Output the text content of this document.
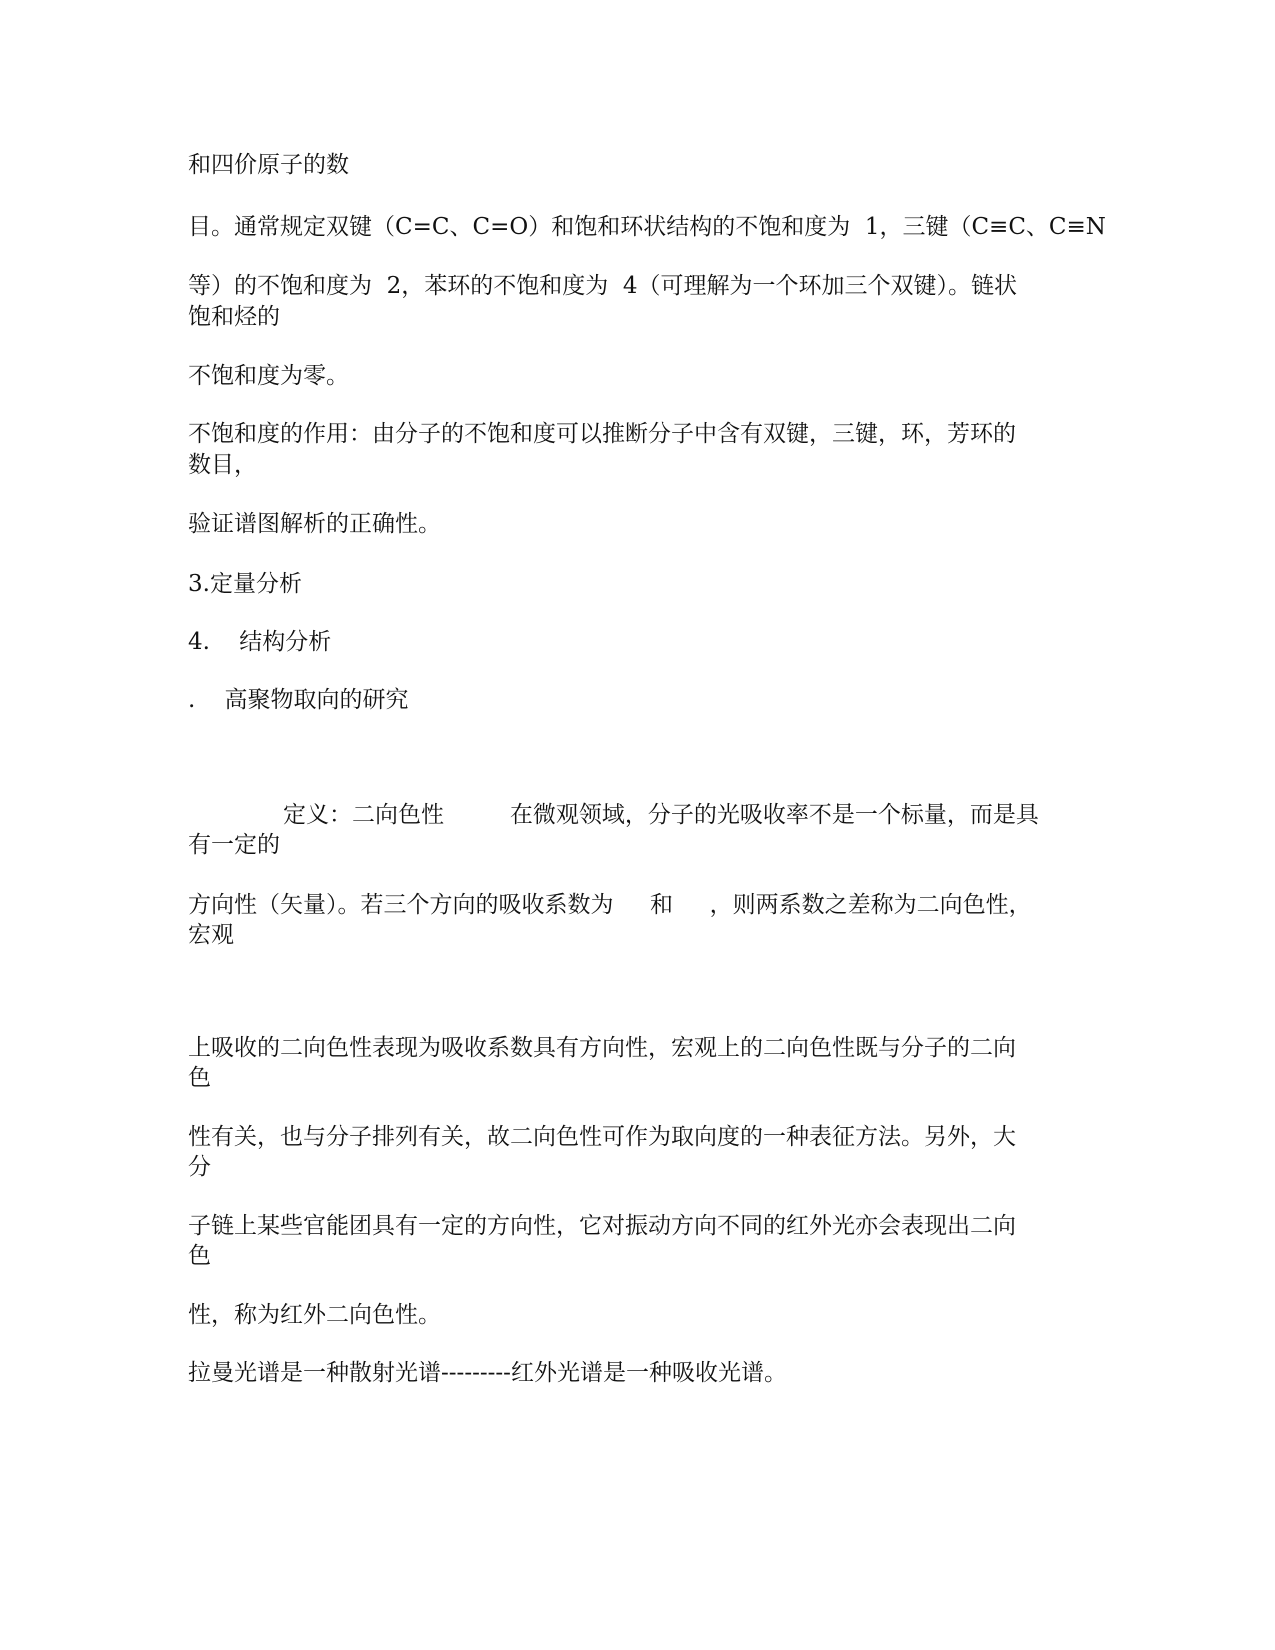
和四价原子的数

目。通常规定双键（C=C、C=O）和饱和环状结构的不饱和度为  1，三键（C≡C、C≡N

等）的不饱和度为  2，苯环的不饱和度为  4（可理解为一个环加三个双键）。链状

饱和烃的

不饱和度为零。

不饱和度的作用：由分子的不饱和度可以推断分子中含有双键，三键，环，芳环的

数目，

验证谱图解析的正确性。

3.定量分析

4.    结构分析

.    高聚物取向的研究

定义：二向色性         在微观领域，分子的光吸收率不是一个标量，而是具

有一定的

方向性（矢量）。若三个方向的吸收系数为     和     ，则两系数之差称为二向色性，

宏观

上吸收的二向色性表现为吸收系数具有方向性，宏观上的二向色性既与分子的二向

色

性有关，也与分子排列有关，故二向色性可作为取向度的一种表征方法。另外，大

分

子链上某些官能团具有一定的方向性，它对振动方向不同的红外光亦会表现出二向

色

性，称为红外二向色性。

拉曼光谱是一种散射光谱---------红外光谱是一种吸收光谱。
